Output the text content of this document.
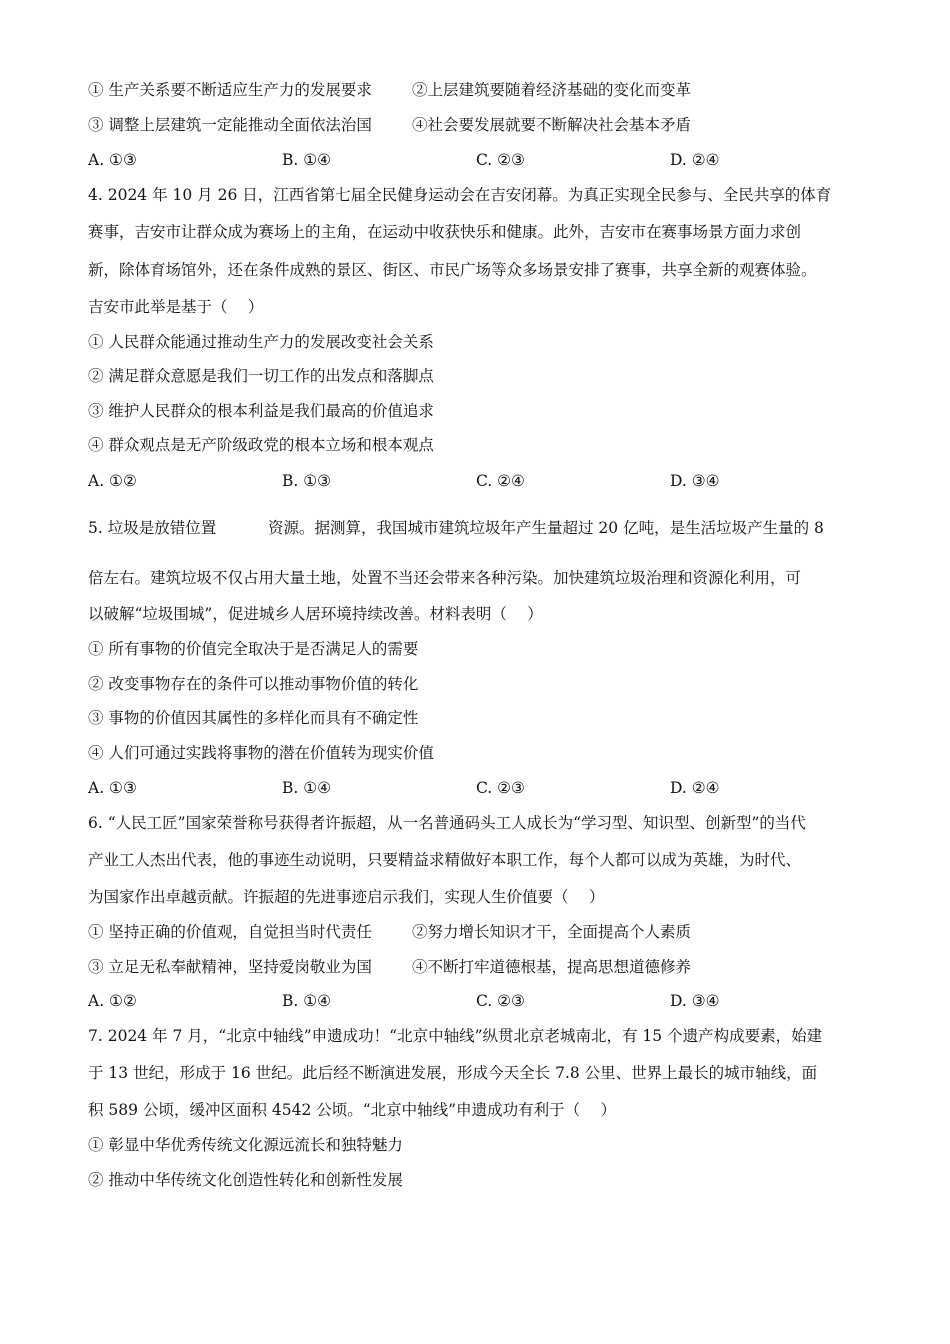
① 生产关系要不断适应生产力的发展要求	②上层建筑要随着经济基础的变化而变革
③ 调整上层建筑一定能推动全面依法治国	④社会要发展就要不断解决社会基本矛盾
A. ①③	B. ①④	C. ②③	D. ②④
4. 2024 年 10 月 26 日，江西省第七届全民健身运动会在吉安闭幕。为真正实现全民参与、全民共享的体育
赛事，吉安市让群众成为赛场上的主角，在运动中收获快乐和健康。此外，吉安市在赛事场景方面力求创
新，除体育场馆外，还在条件成熟的景区、街区、市民广场等众多场景安排了赛事，共享全新的观赛体验。
吉安市此举是基于（　 ）
① 人民群众能通过推动生产力的发展改变社会关系
② 满足群众意愿是我们一切工作的出发点和落脚点
③ 维护人民群众的根本利益是我们最高的价值追求
④ 群众观点是无产阶级政党的根本立场和根本观点
A. ①②	B. ①③	C. ②④	D. ③④
5. 垃圾是放错位置	资源。据测算，我国城市建筑垃圾年产生量超过 20 亿吨，是生活垃圾产生量的 8
倍左右。建筑垃圾不仅占用大量土地，处置不当还会带来各种污染。加快建筑垃圾治理和资源化利用，可
以破解“垃圾围城”，促进城乡人居环境持续改善。材料表明（　 ）
① 所有事物的价值完全取决于是否满足人的需要
② 改变事物存在的条件可以推动事物价值的转化
③ 事物的价值因其属性的多样化而具有不确定性
④ 人们可通过实践将事物的潜在价值转为现实价值
A. ①③	B. ①④	C. ②③	D. ②④
6. “人民工匠”国家荣誉称号获得者许振超，从一名普通码头工人成长为“学习型、知识型、创新型”的当代
产业工人杰出代表，他的事迹生动说明，只要精益求精做好本职工作，每个人都可以成为英雄，为时代、
为国家作出卓越贡献。许振超的先进事迹启示我们，实现人生价值要（　 ）
① 坚持正确的价值观，自觉担当时代责任	②努力增长知识才干，全面提高个人素质
③ 立足无私奉献精神，坚持爱岗敬业为国	④不断打牢道德根基，提高思想道德修养
A. ①②	B. ①④	C. ②③	D. ③④
7. 2024 年 7 月，“北京中轴线”申遗成功！“北京中轴线”纵贯北京老城南北，有 15 个遗产构成要素，始建
于 13 世纪，形成于 16 世纪。此后经不断演进发展，形成今天全长 7.8 公里、世界上最长的城市轴线，面
积 589 公顷，缓冲区面积 4542 公顷。“北京中轴线”申遗成功有利于（　 ）
① 彰显中华优秀传统文化源远流长和独特魅力
② 推动中华传统文化创造性转化和创新性发展
